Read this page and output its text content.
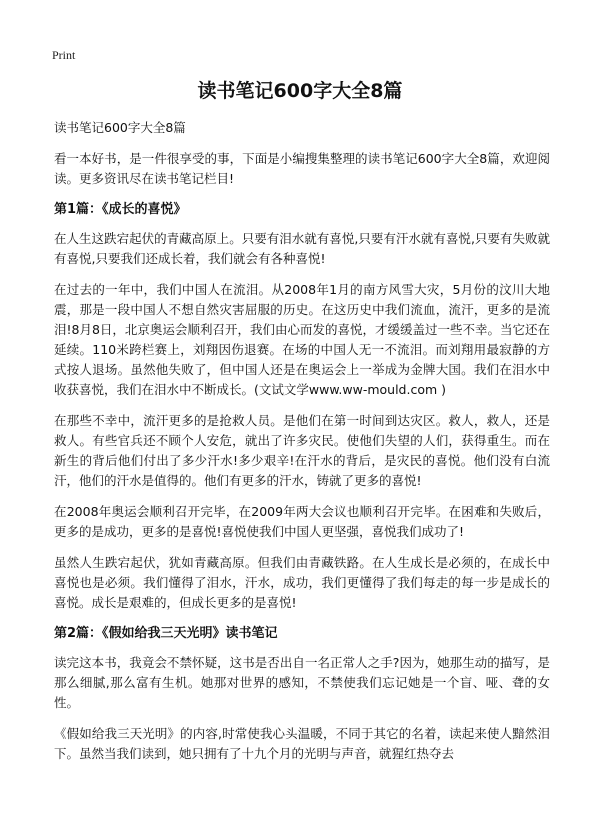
Print
读书笔记600字大全8篇

读书笔记600字大全8篇

看一本好书，是一件很享受的事，下面是小编搜集整理的读书笔记600字大全8篇，欢迎阅读。更多资讯尽在读书笔记栏目!

第1篇：《成长的喜悦》

在人生这跌宕起伏的青藏高原上。只要有泪水就有喜悦,只要有汗水就有喜悦,只要有失败就有喜悦,只要我们还成长着，我们就会有各种喜悦!

在过去的一年中，我们中国人在流泪。从2008年1月的南方风雪大灾，5月份的汶川大地震，那是一段中国人不想自然灾害屈服的历史。在这历史中我们流血，流汗，更多的是流泪!8月8日，北京奥运会顺利召开，我们由心而发的喜悦，才缓缓盖过一些不幸。当它还在延续。110米跨栏赛上，刘翔因伤退赛。在场的中国人无一不流泪。而刘翔用最寂静的方式按人退场。虽然他失败了，但中国人还是在奥运会上一举成为金牌大国。我们在泪水中收获喜悦，我们在泪水中不断成长。(文试文学www.ww-mould.com )

在那些不幸中，流汗更多的是抢救人员。是他们在第一时间到达灾区。救人，救人，还是救人。有些官兵还不顾个人安危，就出了许多灾民。使他们失望的人们，获得重生。而在新生的背后他们付出了多少汗水!多少艰辛!在汗水的背后，是灾民的喜悦。他们没有白流汗，他们的汗水是值得的。他们有更多的汗水，铸就了更多的喜悦!

在2008年奥运会顺利召开完毕，在2009年两大会议也顺利召开完毕。在困难和失败后，更多的是成功，更多的是喜悦!喜悦使我们中国人更坚强，喜悦我们成功了!

虽然人生跌宕起伏，犹如青藏高原。但我们由青藏铁路。在人生成长是必须的，在成长中喜悦也是必须。我们懂得了泪水，汗水，成功，我们更懂得了我们每走的每一步是成长的喜悦。成长是艰难的，但成长更多的是喜悦!

第2篇：《假如给我三天光明》读书笔记

读完这本书，我竟会不禁怀疑，这书是否出自一名正常人之手?因为，她那生动的描写，是那么细腻,那么富有生机。她那对世界的感知，不禁使我们忘记她是一个盲、哑、聋的女性。

《假如给我三天光明》的内容,时常使我心头温暖，不同于其它的名着，读起来使人黯然泪下。虽然当我们读到，她只拥有了十九个月的光明与声音，就猩红热夺去
